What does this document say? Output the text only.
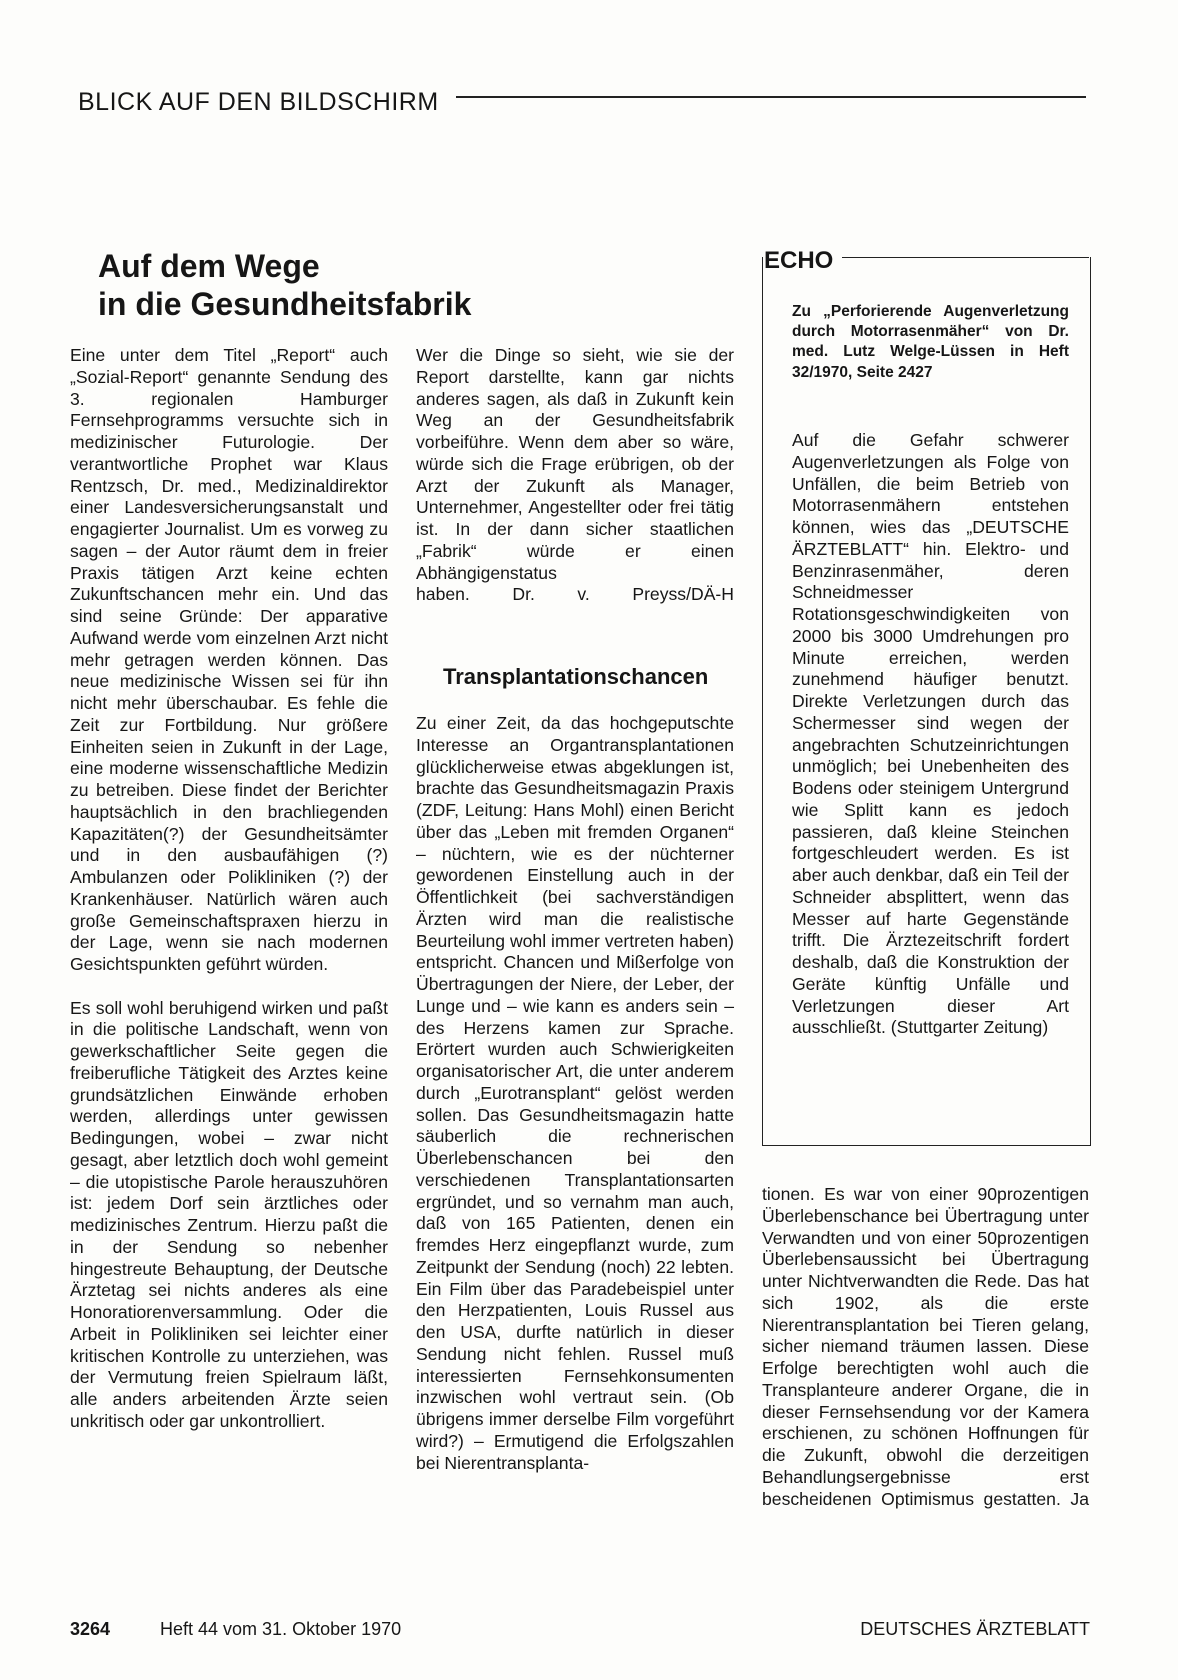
BLICK AUF DEN BILDSCHIRM
Auf dem Wege
in die Gesundheitsfabrik

Eine unter dem Titel „Report“ auch „Sozial-Report“ genannte Sendung des 3. regionalen Hamburger Fernsehprogramms versuchte sich in medizinischer Futurologie. Der verantwortliche Prophet war Klaus Rentzsch, Dr. med., Medizinaldirektor einer Landesversicherungsanstalt und engagierter Journalist. Um es vorweg zu sagen – der Autor räumt dem in freier Praxis tätigen Arzt keine echten Zukunftschancen mehr ein. Und das sind seine Gründe: Der apparative Aufwand werde vom einzelnen Arzt nicht mehr getragen werden können. Das neue medizinische Wissen sei für ihn nicht mehr überschaubar. Es fehle die Zeit zur Fortbildung. Nur größere Einheiten seien in Zukunft in der Lage, eine moderne wissenschaftliche Medizin zu betreiben. Diese findet der Berichter hauptsächlich in den brachliegenden Kapazitäten(?) der Gesundheitsämter und in den ausbaufähigen (?) Ambulanzen oder Polikliniken (?) der Krankenhäuser. Natürlich wären auch große Gemeinschaftspraxen hierzu in der Lage, wenn sie nach modernen Gesichtspunkten geführt würden.

Es soll wohl beruhigend wirken und paßt in die politische Landschaft, wenn von gewerkschaftlicher Seite gegen die freiberufliche Tätigkeit des Arztes keine grundsätzlichen Einwände erhoben werden, allerdings unter gewissen Bedingungen, wobei – zwar nicht gesagt, aber letztlich doch wohl gemeint – die utopistische Parole herauszuhören ist: jedem Dorf sein ärztliches oder medizinisches Zentrum. Hierzu paßt die in der Sendung so nebenher hingestreute Behauptung, der Deutsche Ärztetag sei nichts anderes als eine Honoratiorenversammlung. Oder die Arbeit in Polikliniken sei leichter einer kritischen Kontrolle zu unterziehen, was der Vermutung freien Spielraum läßt, alle anders arbeitenden Ärzte seien unkritisch oder gar unkontrolliert.

Wer die Dinge so sieht, wie sie der Report darstellte, kann gar nichts anderes sagen, als daß in Zukunft kein Weg an der Gesundheitsfabrik vorbeiführe. Wenn dem aber so wäre, würde sich die Frage erübrigen, ob der Arzt der Zukunft als Manager, Unternehmer, Angestellter oder frei tätig ist. In der dann sicher staatlichen „Fabrik“ würde er einen Abhängigenstatus

haben. Dr. v. Preyss/DÄ-H

Transplantationschancen

Zu einer Zeit, da das hochgeputschte Interesse an Organtransplantationen glücklicherweise etwas abgeklungen ist, brachte das Gesundheitsmagazin Praxis (ZDF, Leitung: Hans Mohl) einen Bericht über das „Leben mit fremden Organen“ – nüchtern, wie es der nüchterner gewordenen Einstellung auch in der Öffentlichkeit (bei sachverständigen Ärzten wird man die realistische Beurteilung wohl immer vertreten haben) entspricht. Chancen und Mißerfolge von Übertragungen der Niere, der Leber, der Lunge und – wie kann es anders sein – des Herzens kamen zur Sprache. Erörtert wurden auch Schwierigkeiten organisatorischer Art, die unter anderem durch „Eurotransplant“ gelöst werden sollen. Das Gesundheitsmagazin hatte säuberlich die rechnerischen Überlebenschancen bei den verschiedenen Transplantationsarten ergründet, und so vernahm man auch, daß von 165 Patienten, denen ein fremdes Herz eingepflanzt wurde, zum Zeitpunkt der Sendung (noch) 22 lebten. Ein Film über das Paradebeispiel unter den Herzpatienten, Louis Russel aus den USA, durfte natürlich in dieser Sendung nicht fehlen. Russel muß interessierten Fernsehkonsumenten inzwischen wohl vertraut sein. (Ob übrigens immer derselbe Film vorgeführt wird?) – Ermutigend die Erfolgszahlen bei Nierentransplanta-

ECHO
Zu „Perforierende Augenverletzung durch Motorrasenmäher“ von Dr. med. Lutz Welge-Lüssen in Heft 32/1970, Seite 2427

Auf die Gefahr schwerer Augenverletzungen als Folge von Unfällen, die beim Betrieb von Motorrasenmähern entstehen können, wies das „DEUTSCHE ÄRZTEBLATT“ hin. Elektro- und Benzinrasenmäher, deren Schneidmesser Rotationsgeschwindigkeiten von 2000 bis 3000 Umdrehungen pro Minute erreichen, werden zunehmend häufiger benutzt. Direkte Verletzungen durch das Schermesser sind wegen der angebrachten Schutzeinrichtungen unmöglich; bei Unebenheiten des Bodens oder steinigem Untergrund wie Splitt kann es jedoch passieren, daß kleine Steinchen fortgeschleudert werden. Es ist aber auch denkbar, daß ein Teil der Schneider absplittert, wenn das Messer auf harte Gegenstände trifft. Die Ärztezeitschrift fordert deshalb, daß die Konstruktion der Geräte künftig Unfälle und Verletzungen dieser Art ausschließt. (Stuttgarter Zeitung)

tionen. Es war von einer 90prozentigen Überlebenschance bei Übertragung unter Verwandten und von einer 50prozentigen Überlebensaussicht bei Übertragung unter Nichtverwandten die Rede. Das hat sich 1902, als die erste Nierentransplantation bei Tieren gelang, sicher niemand träumen lassen. Diese Erfolge berechtigten wohl auch die Transplanteure anderer Organe, die in dieser Fernsehsendung vor der Kamera erschienen, zu schönen Hoffnungen für die Zukunft, obwohl die derzeitigen Behandlungsergebnisse erst bescheidenen Optimismus gestatten. Ja

3264	Heft 44 vom 31. Oktober 1970	DEUTSCHES ÄRZTEBLATT
